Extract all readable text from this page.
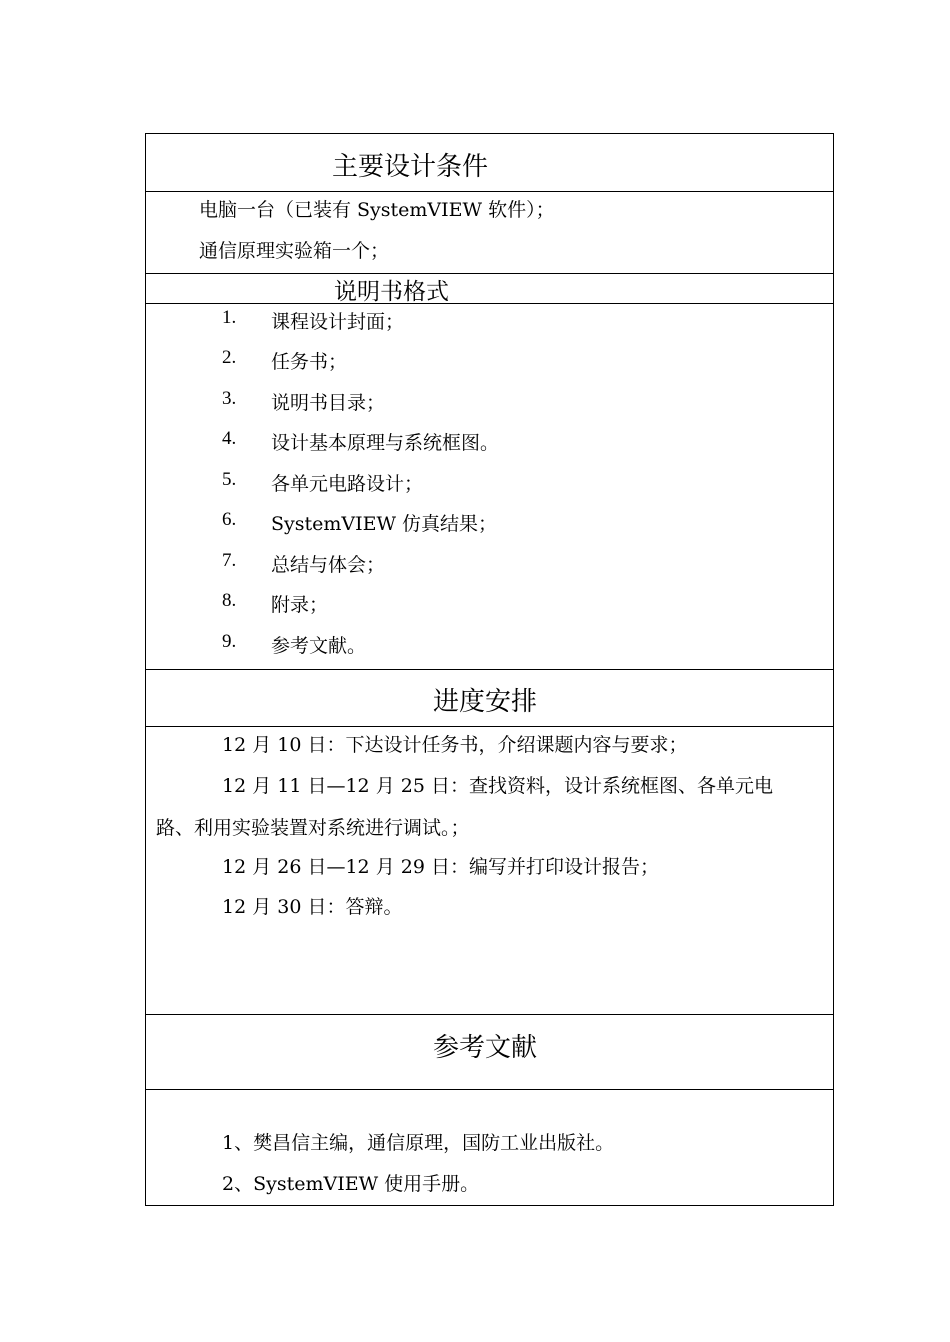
主要设计条件
电脑一台（已装有 SystemVIEW 软件）；
通信原理实验箱一个；
说明书格式
1. 课程设计封面；
2. 任务书；
3. 说明书目录；
4. 设计基本原理与系统框图。
5. 各单元电路设计；
6. SystemVIEW 仿真结果；
7. 总结与体会；
8. 附录；
9. 参考文献。
进度安排
12 月 10 日：下达设计任务书，介绍课题内容与要求；
12 月 11 日—12 月 25 日：查找资料，设计系统框图、各单元电
路、利用实验装置对系统进行调试。；
12 月 26 日—12 月 29 日：编写并打印设计报告；
12 月 30 日：答辩。
参考文献
1、樊昌信主编，通信原理，国防工业出版社。
2、SystemVIEW 使用手册。
